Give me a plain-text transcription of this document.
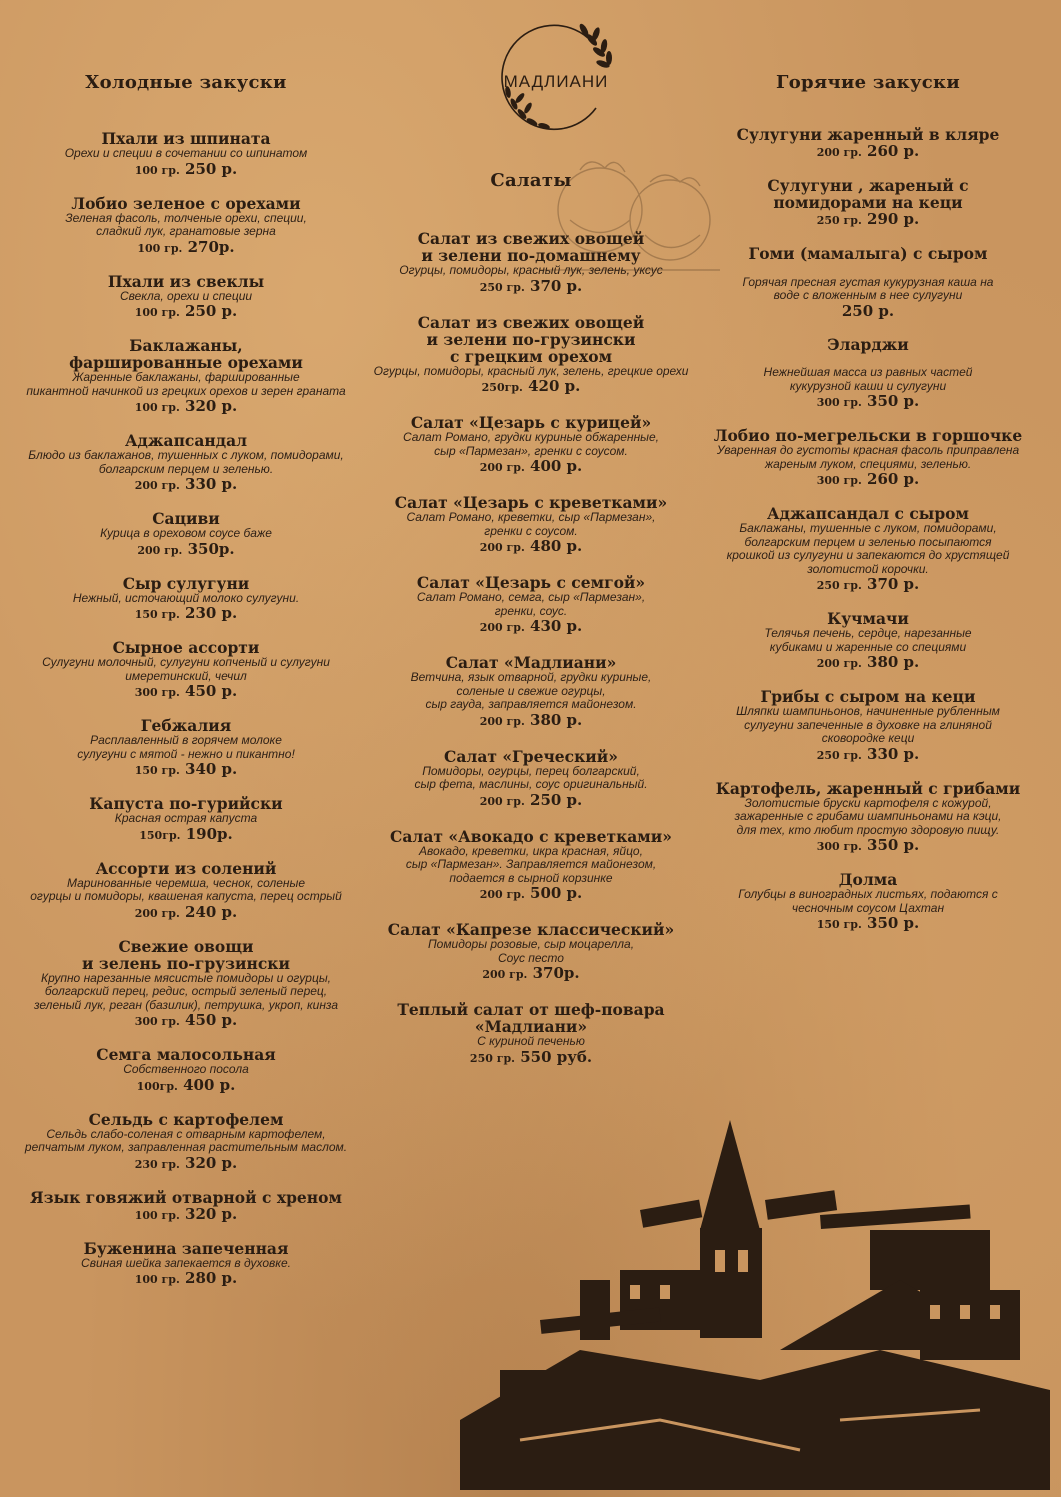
МАДЛИАНИ
Холодные закуски
Пхали из шпината
Орехи и специи в сочетании со шпинатом
100 гр. 250 р.
Лобио зеленое с орехами
Зеленая фасоль, толченые орехи, специи,
сладкий лук, гранатовые зерна
100 гр. 270р.
Пхали из свеклы
Свекла, орехи и специи
100 гр. 250 р.
Баклажаны,
фаршированные орехами
Жаренные баклажаны, фаршированные
пикантной начинкой из грецких орехов и зерен граната
100 гр. 320 р.
Аджапсандал
Блюдо из баклажанов, тушенных с луком, помидорами,
болгарским перцем и зеленью.
200 гр. 330 р.
Сациви
Курица в ореховом соусе баже
200 гр. 350р.
Сыр сулугуни
Нежный, источающий молоко сулугуни.
150 гр. 230 р.
Сырное ассорти
Сулугуни молочный, сулугуни копченый и сулугуни
имеретинский, чечил
300 гр. 450 р.
Гебжалия
Расплавленный в горячем молоке
сулугуни с мятой - нежно и пикантно!
150 гр. 340 р.
Капуста по-гурийски
Красная острая капуста
150гр. 190р.
Ассорти из солений
Маринованные черемша, чеснок, соленые
огурцы и помидоры, квашеная капуста, перец острый
200 гр. 240 р.
Свежие овощи
и зелень по-грузински
Крупно нарезанные мясистые помидоры и огурцы,
болгарский перец, редис, острый зеленый перец,
зеленый лук, реган (базилик), петрушка, укроп, кинза
300 гр. 450 р.
Семга малосольная
Собственного посола
100гр. 400 р.
Сельдь с картофелем
Сельдь слабо-соленая с отварным картофелем,
репчатым луком, заправленная растительным маслом.
230 гр. 320 р.
Язык говяжий отварной с хреном
100 гр. 320 р.
Буженина запеченная
Свиная шейка запекается в духовке.
100 гр. 280 р.
Салаты
Салат из свежих овощей
и зелени по-домашнему
Огурцы, помидоры, красный лук, зелень, уксус
250 гр. 370 р.
Салат из свежих овощей
и зелени по-грузински
с грецким орехом
Огурцы, помидоры, красный лук, зелень, грецкие орехи
250гр. 420 р.
Салат «Цезарь с курицей»
Салат Романо, грудки куриные обжаренные,
сыр «Пармезан», гренки с соусом.
200 гр. 400 р.
Салат «Цезарь с креветками»
Салат Романо, креветки, сыр «Пармезан»,
гренки с соусом.
200 гр. 480 р.
Салат «Цезарь с семгой»
Салат Романо, семга, сыр «Пармезан»,
гренки, соус.
200 гр. 430 р.
Салат «Мадлиани»
Ветчина, язык отварной, грудки куриные,
соленые и свежие огурцы,
сыр гауда, заправляется майонезом.
200 гр. 380 р.
Салат «Греческий»
Помидоры, огурцы, перец болгарский,
сыр фета, маслины, соус оригинальный.
200 гр. 250 р.
Салат «Авокадо с креветками»
Авокадо, креветки, икра красная, яйцо,
сыр «Пармезан». Заправляется майонезом,
подается в сырной корзинке
200 гр. 500 р.
Салат «Капрезе классический»
Помидоры розовые, сыр моцарелла,
Соус песто
200 гр. 370р.
Теплый салат от шеф-повара
«Мадлиани»
С куриной печенью
250 гр. 550 руб.
Горячие закуски
Сулугуни жаренный в кляре
200 гр. 260 р.
Сулугуни , жареный с
помидорами на кеци
250 гр. 290 р.
Гоми (мамалыга) с сыром

Горячая пресная густая кукурузная каша на
воде с вложенным в нее сулугуни
250 р.
Эларджи

Нежнейшая масса из равных частей
кукурузной каши и сулугуни
300 гр. 350 р.
Лобио по-мегрельски в горшочке
Уваренная до густоты красная фасоль приправлена
жареным луком, специями, зеленью.
300 гр. 260 р.
Аджапсандал с сыром
Баклажаны, тушенные с луком, помидорами,
болгарским перцем и зеленью посыпаются
крошкой из сулугуни и запекаются до хрустящей
золотистой корочки.
250 гр. 370 р.
Кучмачи
Телячья печень, сердце, нарезанные
кубиками и жаренные со специями
200 гр. 380 р.
Грибы с сыром на кеци
Шляпки шампиньонов, начиненные рубленным
сулугуни запеченные в духовке на глиняной
сковородке кеци
250 гр. 330 р.
Картофель, жаренный с грибами
Золотистые бруски картофеля с кожурой,
зажаренные с грибами шампиньонами на кэци,
для тех, кто любит простую здоровую пищу.
300 гр. 350 р.
Долма
Голубцы в виноградных листьях, подаются с
чесночным соусом Цахтан
150 гр. 350 р.
